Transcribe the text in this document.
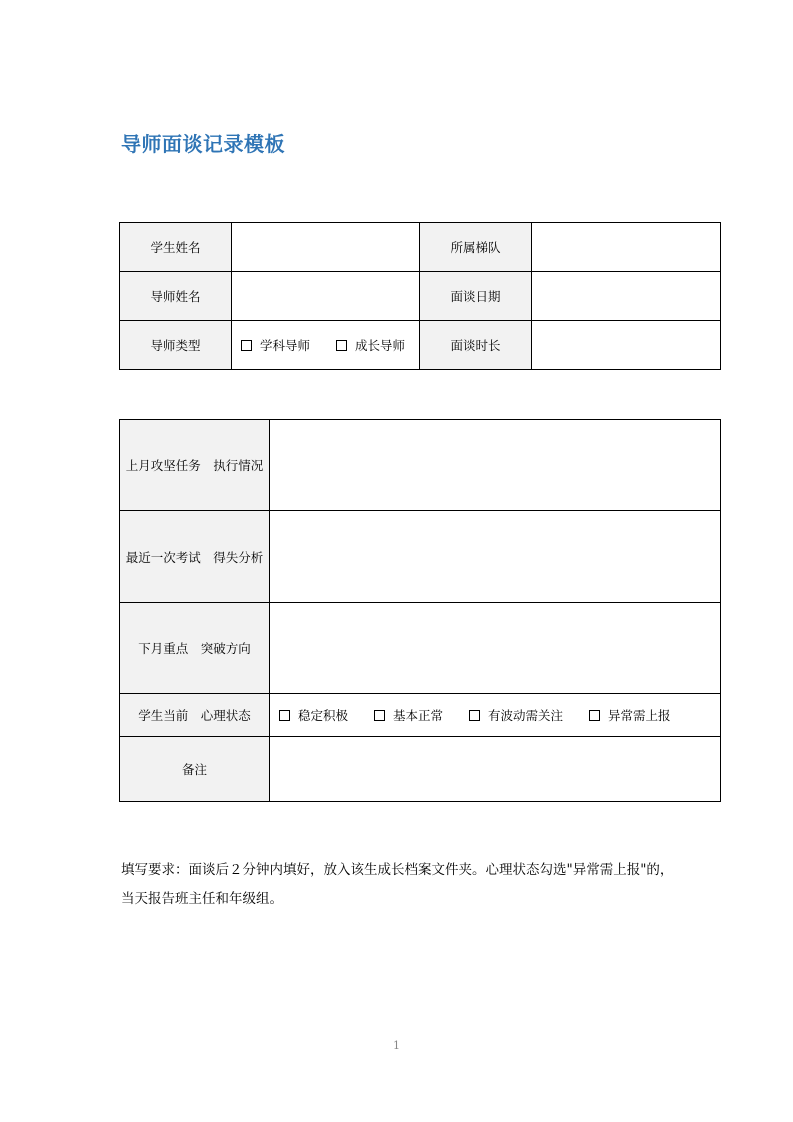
导师面谈记录模板
学生姓名		所属梯队	
导师姓名		面谈日期	
导师类型	学科导师 成长导师	面谈时长	
上月攻坚任务　执行情况	
最近一次考试　得失分析	
下月重点　突破方向	
学生当前　心理状态	稳定积极 基本正常 有波动需关注 异常需上报
备注	
填写要求：面谈后２分钟内填好，放入该生成长档案文件夹。心理状态勾选"异常需上报"的，当天报告班主任和年级组。
1
